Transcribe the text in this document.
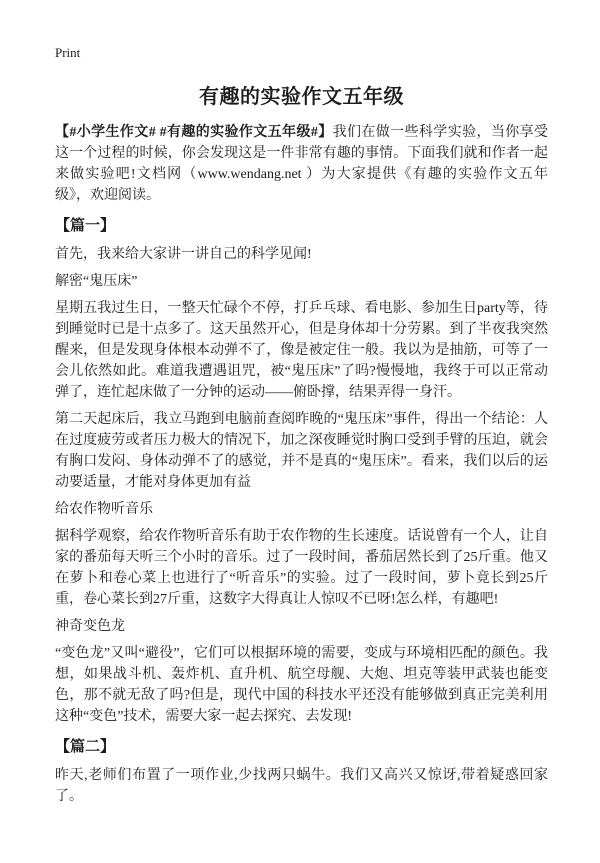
Print
有趣的实验作文五年级

【#小学生作文# #有趣的实验作文五年级#】我们在做一些科学实验，当你享受这一个过程的时候，你会发现这是一件非常有趣的事情。下面我们就和作者一起来做实验吧!文档网（www.wendang.net ）为大家提供《有趣的实验作文五年级》，欢迎阅读。

【篇一】

首先，我来给大家讲一讲自己的科学见闻!

解密“鬼压床”

星期五我过生日，一整天忙碌个不停，打乒乓球、看电影、参加生日party等，待到睡觉时已是十点多了。这天虽然开心，但是身体却十分劳累。到了半夜我突然醒来，但是发现身体根本动弹不了，像是被定住一般。我以为是抽筋，可等了一会儿依然如此。难道我遭遇诅咒，被“鬼压床”了吗?慢慢地，我终于可以正常动弹了，连忙起床做了一分钟的运动——俯卧撑，结果弄得一身汗。

第二天起床后，我立马跑到电脑前查阅昨晚的“鬼压床”事件，得出一个结论：人在过度疲劳或者压力极大的情况下，加之深夜睡觉时胸口受到手臂的压迫，就会有胸口发闷、身体动弹不了的感觉，并不是真的“鬼压床”。看来，我们以后的运动要适量，才能对身体更加有益

给农作物听音乐

据科学观察，给农作物听音乐有助于农作物的生长速度。话说曾有一个人，让自家的番茄每天听三个小时的音乐。过了一段时间，番茄居然长到了25斤重。他又在萝卜和卷心菜上也进行了“听音乐”的实验。过了一段时间，萝卜竟长到25斤重，卷心菜长到27斤重，这数字大得真让人惊叹不已呀!怎么样，有趣吧!

神奇变色龙

“变色龙”又叫“避役”，它们可以根据环境的需要，变成与环境相匹配的颜色。我想，如果战斗机、轰炸机、直升机、航空母舰、大炮、坦克等装甲武装也能变色，那不就无敌了吗?但是，现代中国的科技水平还没有能够做到真正完美利用这种“变色”技术，需要大家一起去探究、去发现!

【篇二】

昨天,老师们布置了一项作业,少找两只蜗牛。我们又高兴又惊讶,带着疑惑回家了。
